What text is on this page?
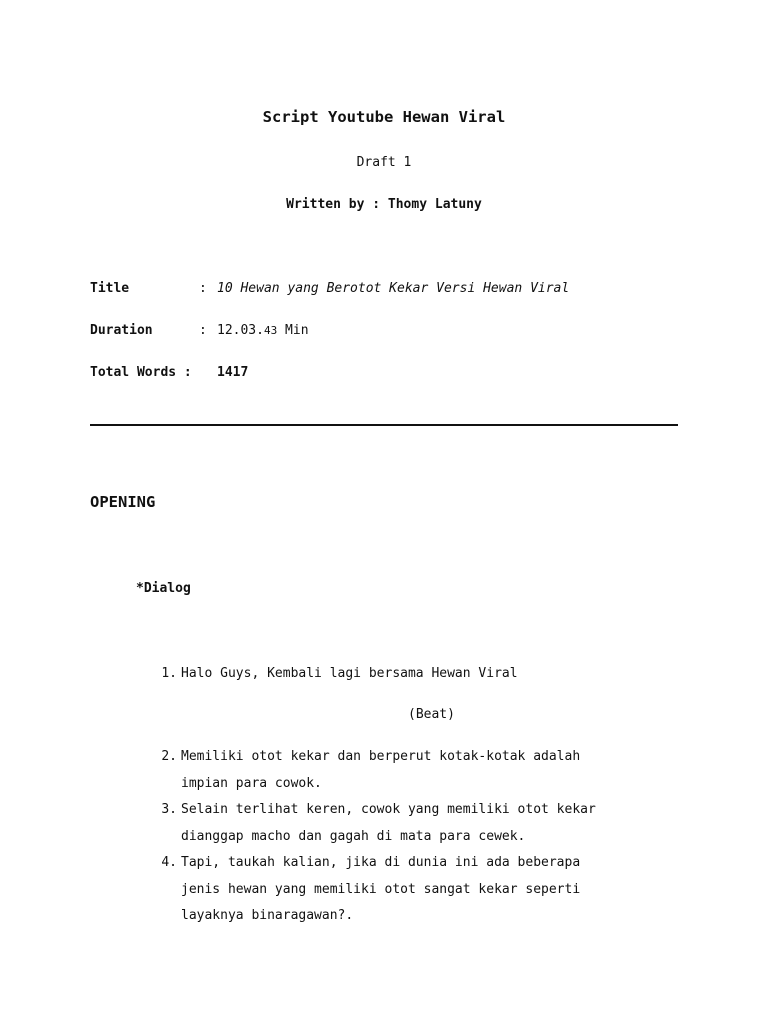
Script Youtube Hewan Viral
Draft 1
Written by : Thomy Latuny
Title	: 10 Hewan yang Berotot Kekar Versi Hewan Viral
Duration	: 12.03.43 Min
Total Words : 1417
OPENING
*Dialog
1. Halo Guys, Kembali lagi bersama Hewan Viral
(Beat)
2. Memiliki otot kekar dan berperut kotak-kotak adalah
impian para cowok.
3. Selain terlihat keren, cowok yang memiliki otot kekar
dianggap macho dan gagah di mata para cewek.
4. Tapi, taukah kalian, jika di dunia ini ada beberapa
jenis hewan yang memiliki otot sangat kekar seperti
layaknya binaragawan?.
